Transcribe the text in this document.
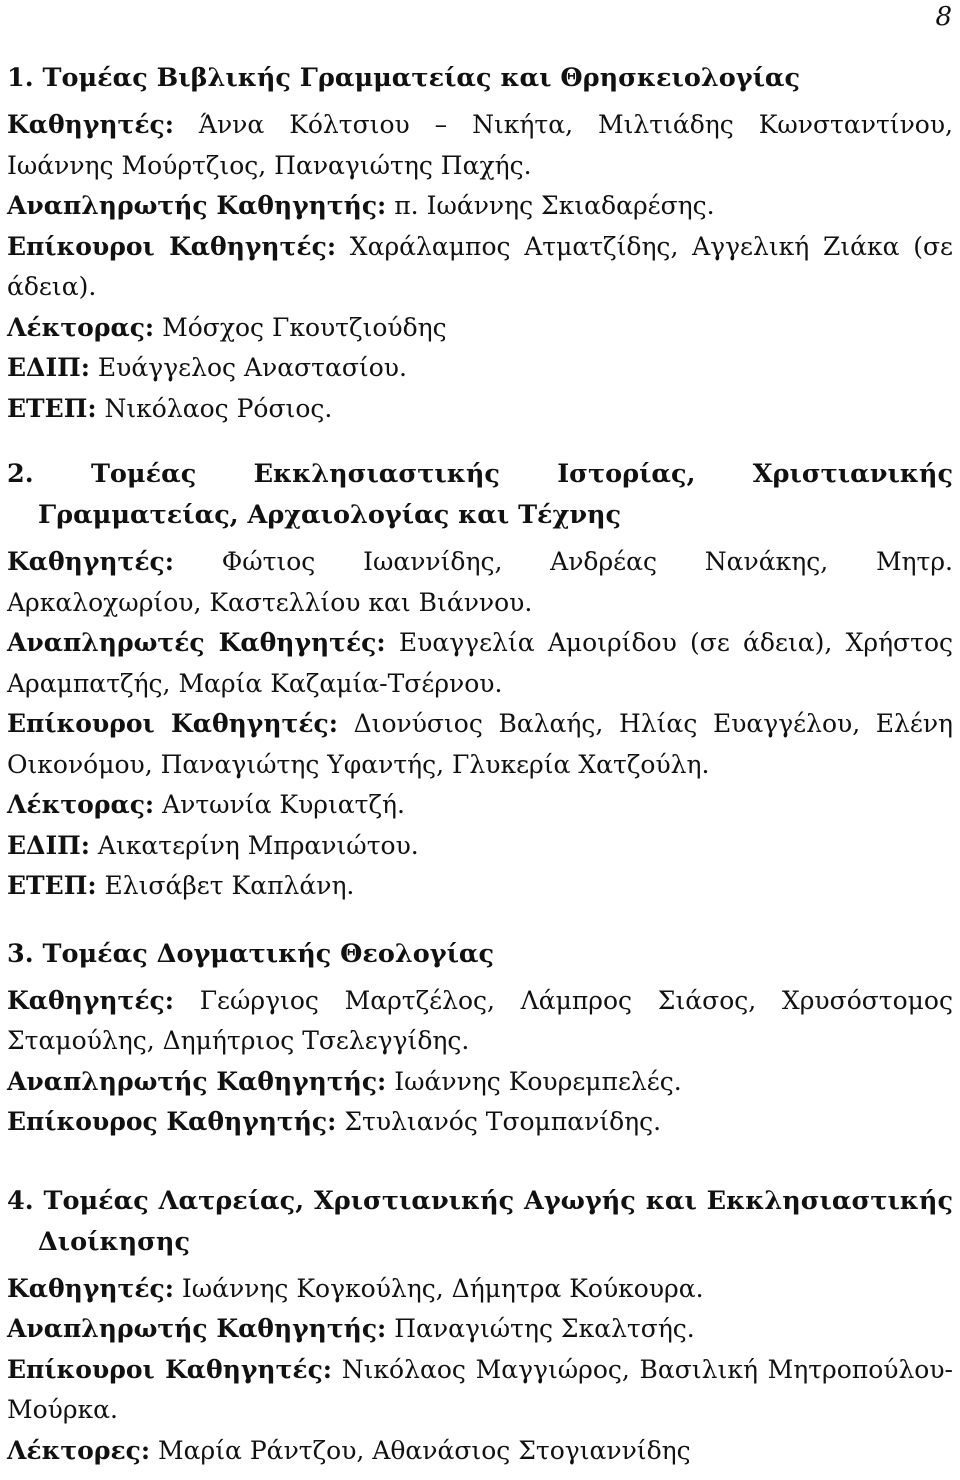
8

1. Τομέας Βιβλικής Γραμματείας και Θρησκειολογίας

Καθηγητές: Άννα Κόλτσιου – Νικήτα, Μιλτιάδης Κωνσταντίνου, Ιωάννης Μούρτζιος, Παναγιώτης Παχής.

Αναπληρωτής Καθηγητής: π. Ιωάννης Σκιαδαρέσης.

Επίκουροι Καθηγητές: Χαράλαμπος Ατματζίδης, Αγγελική Ζιάκα (σε άδεια).

Λέκτορας: Μόσχος Γκουτζιούδης

ΕΔΙΠ: Ευάγγελος Αναστασίου.

ΕΤΕΠ: Νικόλαος Ρόσιος.

2. Τομέας Εκκλησιαστικής Ιστορίας, Χριστιανικής Γραμματείας, Αρχαιολογίας και Τέχνης

Καθηγητές: Φώτιος Ιωαννίδης, Ανδρέας Νανάκης, Μητρ. Αρκαλοχωρίου, Καστελλίου και Βιάννου.

Αναπληρωτές Καθηγητές: Ευαγγελία Αμοιρίδου (σε άδεια), Χρήστος Αραμπατζής, Μαρία Καζαμία-Τσέρνου.

Επίκουροι Καθηγητές: Διονύσιος Βαλαής, Ηλίας Ευαγγέλου, Ελένη Οικονόμου, Παναγιώτης Υφαντής, Γλυκερία Χατζούλη.

Λέκτορας: Αντωνία Κυριατζή.

ΕΔΙΠ: Αικατερίνη Μπρανιώτου.

ΕΤΕΠ: Ελισάβετ Καπλάνη.

3. Τομέας Δογματικής Θεολογίας

Καθηγητές: Γεώργιος Μαρτζέλος, Λάμπρος Σιάσος, Χρυσόστομος Σταμούλης, Δημήτριος Τσελεγγίδης.

Αναπληρωτής Καθηγητής: Ιωάννης Κουρεμπελές.

Επίκουρος Καθηγητής: Στυλιανός Τσομπανίδης.

4. Τομέας Λατρείας, Χριστιανικής Αγωγής και Εκκλησιαστικής Διοίκησης

Καθηγητές: Ιωάννης Κογκούλης, Δήμητρα Κούκουρα.

Αναπληρωτής Καθηγητής: Παναγιώτης Σκαλτσής.

Επίκουροι Καθηγητές: Νικόλαος Μαγγιώρος, Βασιλική Μητροπούλου-Μούρκα.

Λέκτορες: Μαρία Ράντζου, Αθανάσιος Στογιαννίδης
